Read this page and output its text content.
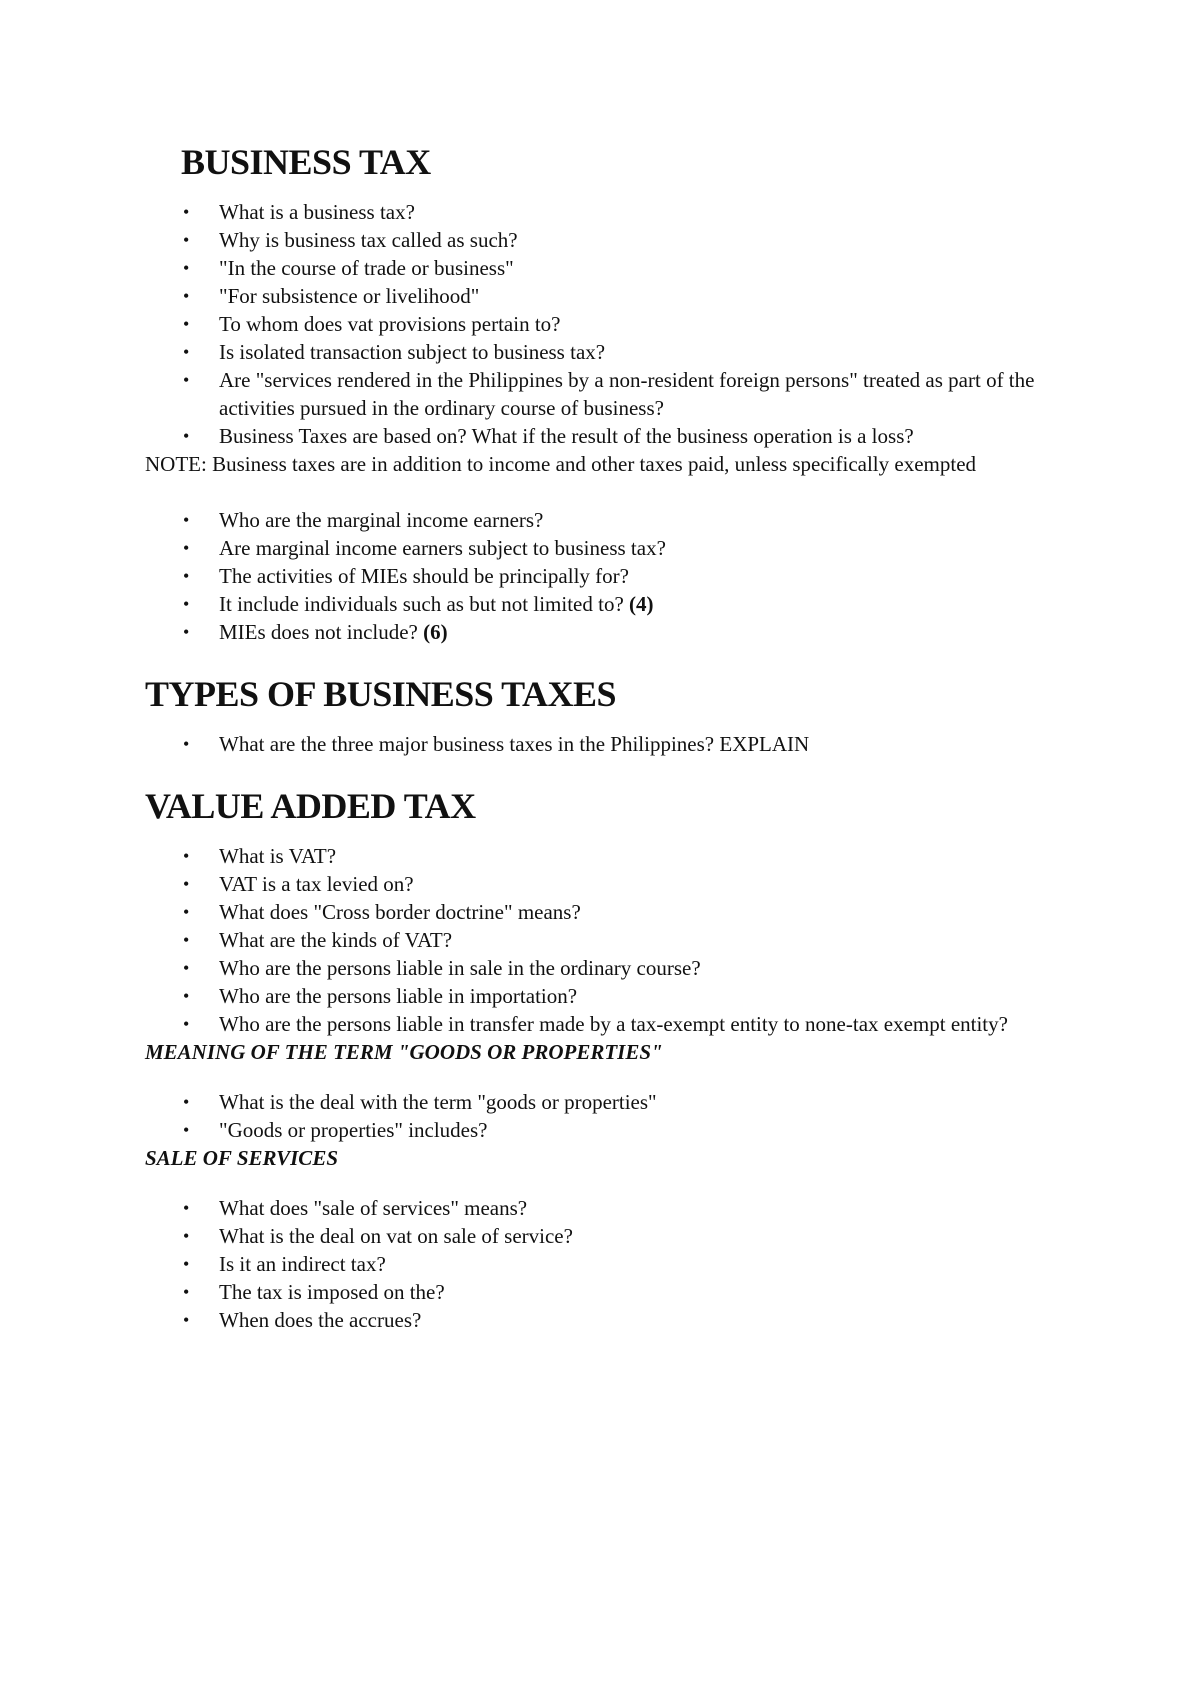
BUSINESS TAX
• What is a business tax?
• Why is business tax called as such?
• "In the course of trade or business"
• "For subsistence or livelihood"
• To whom does vat provisions pertain to?
• Is isolated transaction subject to business tax?
• Are "services rendered in the Philippines by a non-resident foreign persons" treated as part of the activities pursued in the ordinary course of business?
• Business Taxes are based on? What if the result of the business operation is a loss?

NOTE: Business taxes are in addition to income and other taxes paid, unless specifically exempted

• Who are the marginal income earners?
• Are marginal income earners subject to business tax?
• The activities of MIEs should be principally for?
• It include individuals such as but not limited to? (4)
• MIEs does not include? (6)
TYPES OF BUSINESS TAXES
• What are the three major business taxes in the Philippines? EXPLAIN
VALUE ADDED TAX
• What is VAT?
• VAT is a tax levied on?
• What does "Cross border doctrine" means?
• What are the kinds of VAT?
• Who are the persons liable in sale in the ordinary course?
• Who are the persons liable in importation?
• Who are the persons liable in transfer made by a tax-exempt entity to none-tax exempt entity?
MEANING OF THE TERM "GOODS OR PROPERTIES"
• What is the deal with the term "goods or properties"
• "Goods or properties" includes?
SALE OF SERVICES
• What does "sale of services" means?
• What is the deal on vat on sale of service?
• Is it an indirect tax?
• The tax is imposed on the?
• When does the accrues?
